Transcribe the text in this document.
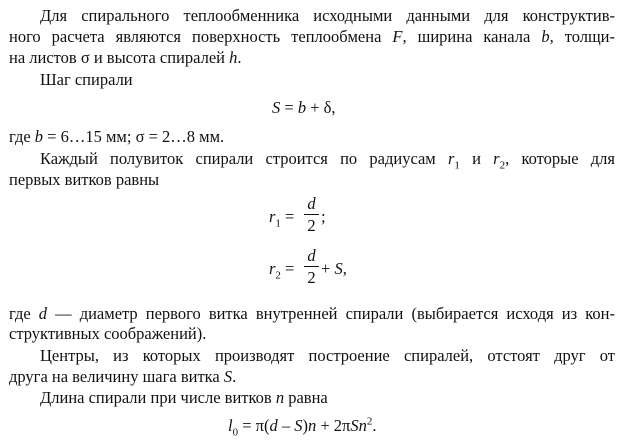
Для спирального теплообменника исходными данными для конструктив-
ного расчета являются поверхность теплообмена F, ширина канала b, толщи-
на листов σ и высота спиралей h.
Шаг спирали
S = b + δ,
где b = 6…15 мм; σ = 2…8 мм.
Каждый полувиток спирали строится по радиусам $r_1$ и $r_2$, которые для
первых витков равны
$r_1$ =
d
2 ;
$r_2$ =
d
2 + S,
где d — диаметр первого витка внутренней спирали (выбирается исходя из кон-
структивных соображений).
Центры, из которых производят построение спиралей, отстоят друг от
друга на величину шага витка S.
Длина спирали при числе витков n равна
$l_0 = \pi(d - S)n + 2\pi Sn^2$.
